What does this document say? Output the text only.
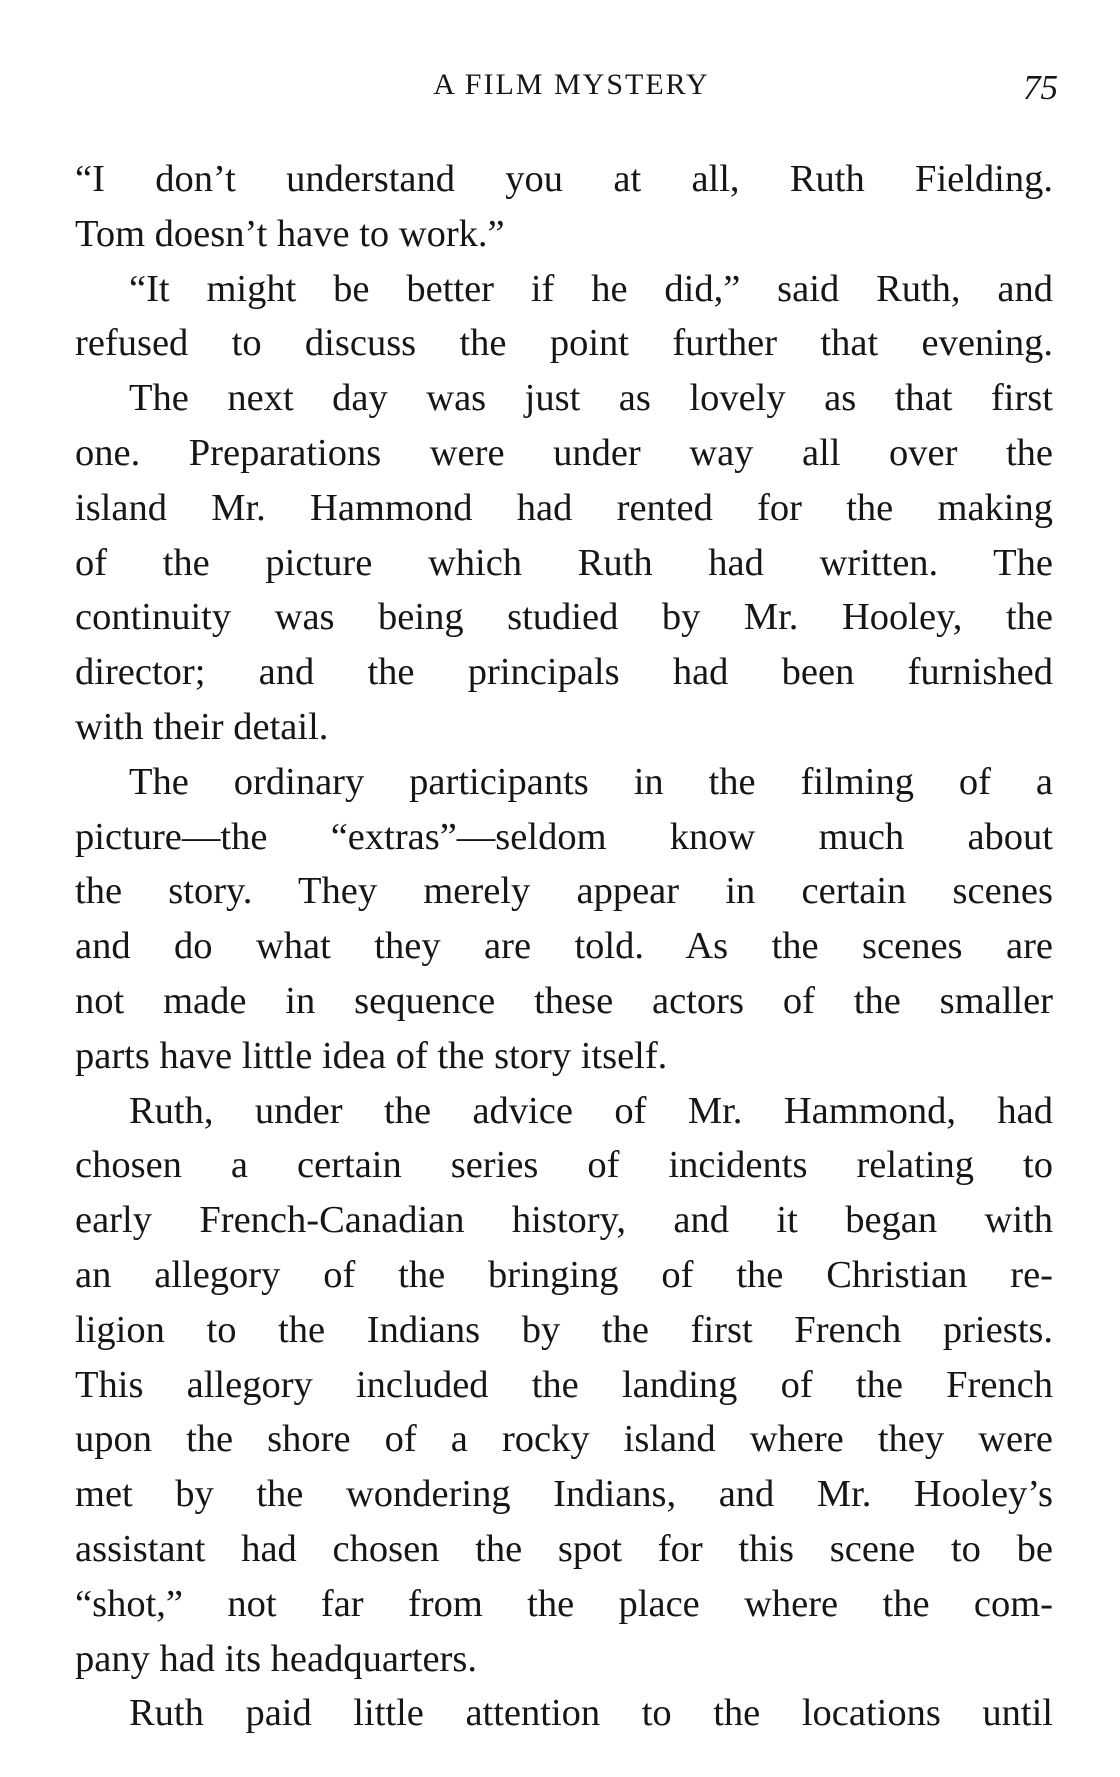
A FILM MYSTERY	75
“I don’t understand you at all, Ruth Fielding.
Tom doesn’t have to work.”
“It might be better if he did,” said Ruth, and
refused to discuss the point further that evening.
The next day was just as lovely as that first
one. Preparations were under way all over the
island Mr. Hammond had rented for the making
of the picture which Ruth had written. The
continuity was being studied by Mr. Hooley, the
director; and the principals had been furnished
with their detail.
The ordinary participants in the filming of a
picture—the “extras”—seldom know much about
the story. They merely appear in certain scenes
and do what they are told. As the scenes are
not made in sequence these actors of the smaller
parts have little idea of the story itself.
Ruth, under the advice of Mr. Hammond, had
chosen a certain series of incidents relating to
early French-Canadian history, and it began with
an allegory of the bringing of the Christian re-
ligion to the Indians by the first French priests.
This allegory included the landing of the French
upon the shore of a rocky island where they were
met by the wondering Indians, and Mr. Hooley’s
assistant had chosen the spot for this scene to be
“shot,” not far from the place where the com-
pany had its headquarters.
Ruth paid little attention to the locations until
